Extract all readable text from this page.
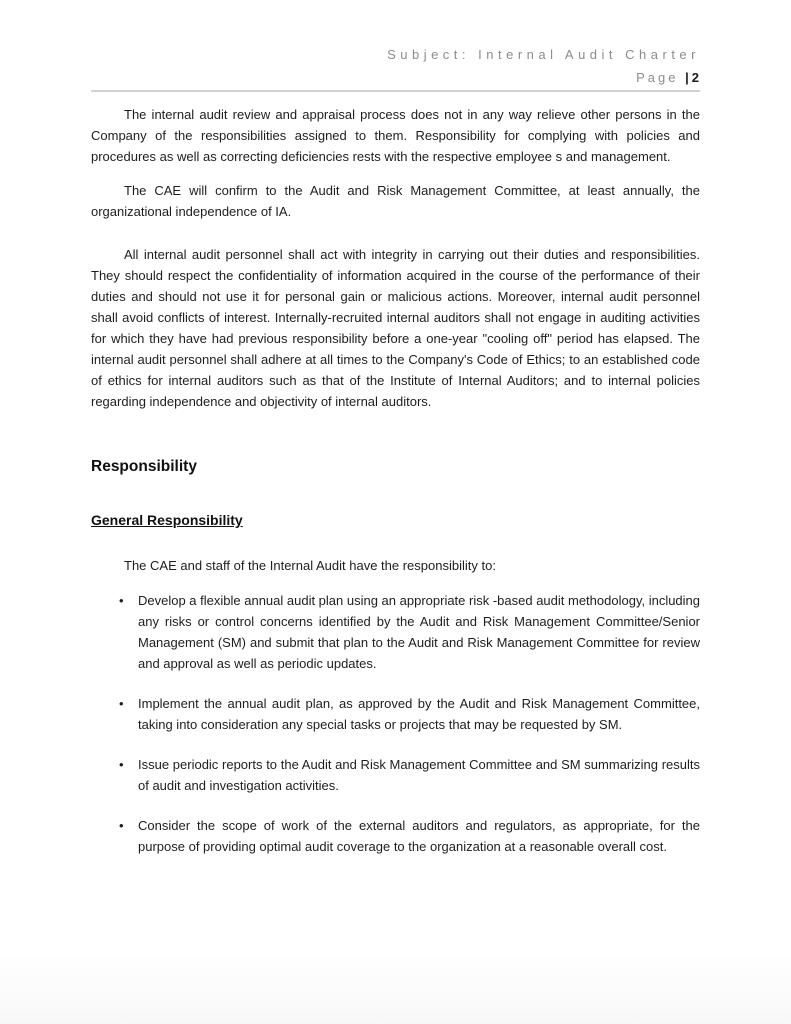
Subject: Internal Audit Charter
Page |2

The internal audit review and appraisal process does not in any way relieve other persons in the Company of the responsibilities assigned to them. Responsibility for complying with policies and procedures as well as correcting deficiencies rests with the respective employee s and management.

The CAE will confirm to the Audit and Risk Management Committee, at least annually, the organizational independence of IA.

All internal audit personnel shall act with integrity in carrying out their duties and responsibilities. They should respect the confidentiality of information acquired in the course of the performance of their duties and should not use it for personal gain or malicious actions. Moreover, internal audit personnel shall avoid conflicts of interest. Internally-recruited internal auditors shall not engage in auditing activities for which they have had previous responsibility before a one-year "cooling off" period has elapsed. The internal audit personnel shall adhere at all times to the Company's Code of Ethics; to an established code of ethics for internal auditors such as that of the Institute of Internal Auditors; and to internal policies regarding independence and objectivity of internal auditors.

Responsibility
General Responsibility

The CAE and staff of the Internal Audit have the responsibility to:

• Develop a flexible annual audit plan using an appropriate risk -based audit methodology, including any risks or control concerns identified by the Audit and Risk Management Committee/Senior Management (SM) and submit that plan to the Audit and Risk Management Committee for review and approval as well as periodic updates.
• Implement the annual audit plan, as approved by the Audit and Risk Management Committee, taking into consideration any special tasks or projects that may be requested by SM.
• Issue periodic reports to the Audit and Risk Management Committee and SM summarizing results of audit and investigation activities.
• Consider the scope of work of the external auditors and regulators, as appropriate, for the purpose of providing optimal audit coverage to the organization at a reasonable overall cost.
